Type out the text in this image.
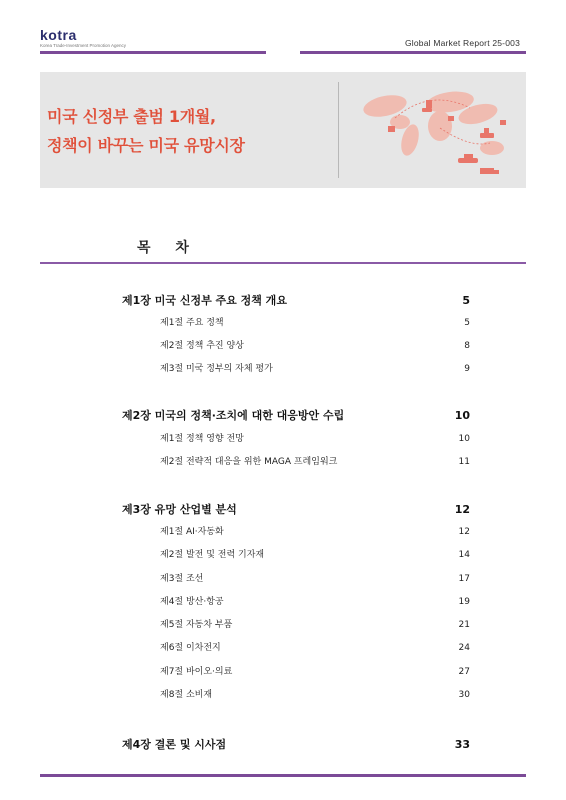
kotra
Korea Trade-Investment Promotion Agency	Global Market Report 25-003
미국 신정부 출범 1개월,
정책이 바꾸는 미국 유망시장
목 차
제1장 미국 신정부 주요 정책 개요	5
제1절 주요 정책	5
제2절 정책 추진 양상	8
제3절 미국 정부의 자체 평가	9
제2장 미국의 정책·조치에 대한 대응방안 수립	10
제1절 정책 영향 전망	10
제2절 전략적 대응을 위한 MAGA 프레임워크	11
제3장 유망 산업별 분석	12
제1절 AI·자동화	12
제2절 발전 및 전력 기자재	14
제3절 조선	17
제4절 방산·항공	19
제5절 자동차 부품	21
제6절 이차전지	24
제7절 바이오·의료	27
제8절 소비재	30
제4장 결론 및 시사점	33
